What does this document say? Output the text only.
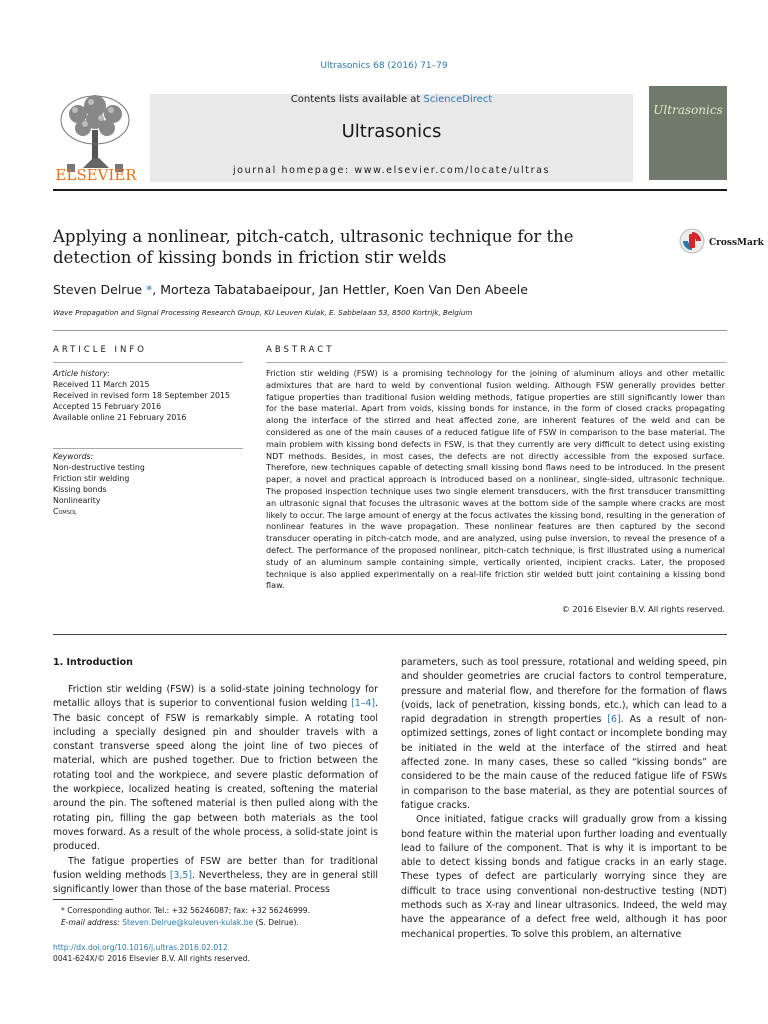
Ultrasonics 68 (2016) 71–79
ELSEVIER
Contents lists available at ScienceDirect
Ultrasonics
journal homepage: www.elsevier.com/locate/ultras
Ultrasonics
Applying a nonlinear, pitch-catch, ultrasonic technique for the detection of kissing bonds in friction stir welds
CrossMark
Steven Delrue *, Morteza Tabatabaeipour, Jan Hettler, Koen Van Den Abeele
Wave Propagation and Signal Processing Research Group, KU Leuven Kulak, E. Sabbelaan 53, 8500 Kortrijk, Belgium
ARTICLE INFO
Article history:
Received 11 March 2015
Received in revised form 18 September 2015
Accepted 15 February 2016
Available online 21 February 2016
Keywords:
Non-destructive testing
Friction stir welding
Kissing bonds
Nonlinearity
Comsol
ABSTRACT
Friction stir welding (FSW) is a promising technology for the joining of aluminum alloys and other metallic admixtures that are hard to weld by conventional fusion welding. Although FSW generally provides better fatigue properties than traditional fusion welding methods, fatigue properties are still significantly lower than for the base material. Apart from voids, kissing bonds for instance, in the form of closed cracks propagating along the interface of the stirred and heat affected zone, are inherent features of the weld and can be considered as one of the main causes of a reduced fatigue life of FSW in comparison to the base material. The main problem with kissing bond defects in FSW, is that they currently are very difficult to detect using existing NDT methods. Besides, in most cases, the defects are not directly accessible from the exposed surface. Therefore, new techniques capable of detecting small kissing bond flaws need to be introduced. In the present paper, a novel and practical approach is introduced based on a nonlinear, single-sided, ultrasonic technique. The proposed inspection technique uses two single element transducers, with the first transducer transmitting an ultrasonic signal that focuses the ultrasonic waves at the bottom side of the sample where cracks are most likely to occur. The large amount of energy at the focus activates the kissing bond, resulting in the generation of nonlinear features in the wave propagation. These nonlinear features are then captured by the second transducer operating in pitch-catch mode, and are analyzed, using pulse inversion, to reveal the presence of a defect. The performance of the proposed nonlinear, pitch-catch technique, is first illustrated using a numerical study of an aluminum sample containing simple, vertically oriented, incipient cracks. Later, the proposed technique is also applied experimentally on a real-life friction stir welded butt joint containing a kissing bond flaw.
© 2016 Elsevier B.V. All rights reserved.
1. Introduction

Friction stir welding (FSW) is a solid-state joining technology for metallic alloys that is superior to conventional fusion welding [1–4]. The basic concept of FSW is remarkably simple. A rotating tool including a specially designed pin and shoulder travels with a constant transverse speed along the joint line of two pieces of material, which are pushed together. Due to friction between the rotating tool and the workpiece, and severe plastic deformation of the workpiece, localized heating is created, softening the material around the pin. The softened material is then pulled along with the rotating pin, filling the gap between both materials as the tool moves forward. As a result of the whole process, a solid-state joint is produced.

The fatigue properties of FSW are better than for traditional fusion welding methods [3,5]. Nevertheless, they are in general still significantly lower than those of the base material. Process

parameters, such as tool pressure, rotational and welding speed, pin and shoulder geometries are crucial factors to control temperature, pressure and material flow, and therefore for the formation of flaws (voids, lack of penetration, kissing bonds, etc.), which can lead to a rapid degradation in strength properties [6]. As a result of non-optimized settings, zones of light contact or incomplete bonding may be initiated in the weld at the interface of the stirred and heat affected zone. In many cases, these so called “kissing bonds” are considered to be the main cause of the reduced fatigue life of FSWs in comparison to the base material, as they are potential sources of fatigue cracks.

Once initiated, fatigue cracks will gradually grow from a kissing bond feature within the material upon further loading and eventually lead to failure of the component. That is why it is important to be able to detect kissing bonds and fatigue cracks in an early stage. These types of defect are particularly worrying since they are difficult to trace using conventional non-destructive testing (NDT) methods such as X-ray and linear ultrasonics. Indeed, the weld may have the appearance of a defect free weld, although it has poor mechanical properties. To solve this problem, an alternative

* Corresponding author. Tel.: +32 56246087; fax: +32 56246999.
E-mail address: Steven.Delrue@kuleuven-kulak.be (S. Delrue).
http://dx.doi.org/10.1016/j.ultras.2016.02.012
0041-624X/© 2016 Elsevier B.V. All rights reserved.
